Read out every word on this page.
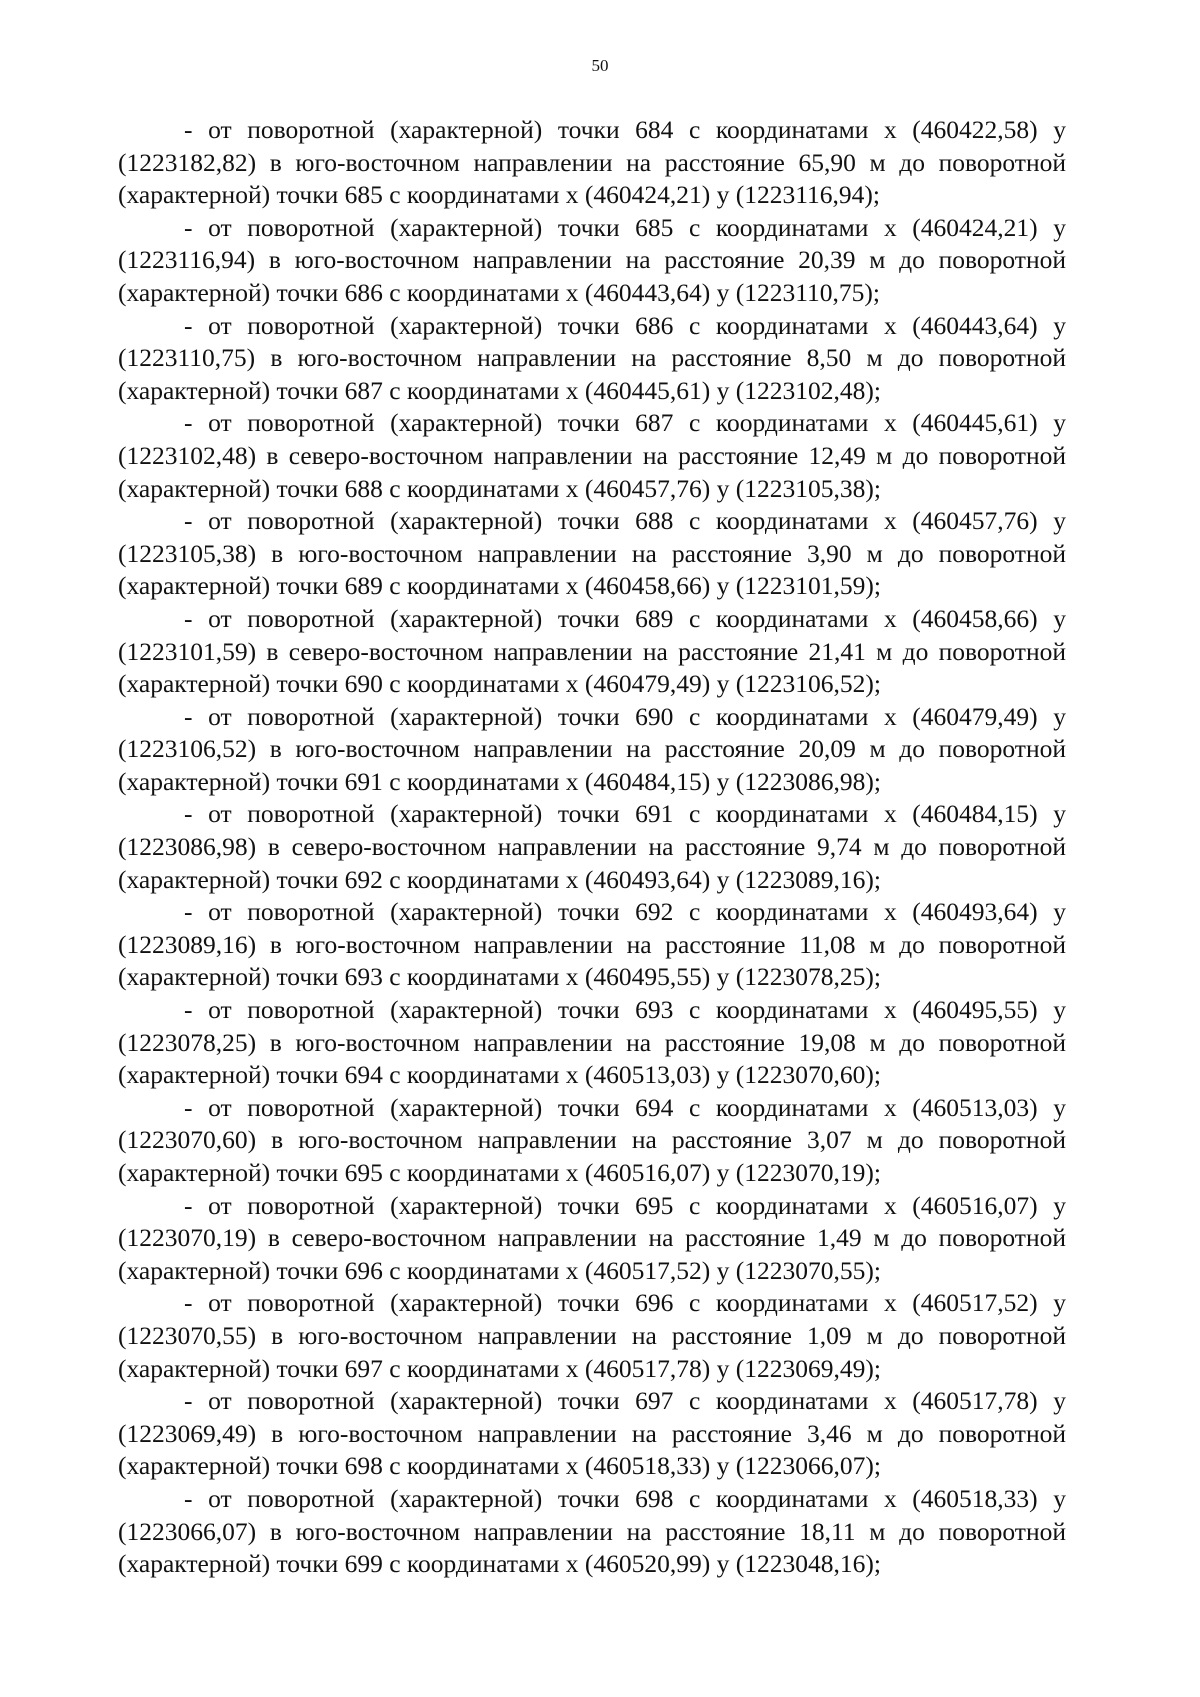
50

- от поворотной (характерной) точки 684 с координатами х (460422,58) у (1223182,82) в юго-восточном направлении на расстояние 65,90 м до поворотной (характерной) точки 685 с координатами х (460424,21) у (1223116,94);

- от поворотной (характерной) точки 685 с координатами х (460424,21) у (1223116,94) в юго-восточном направлении на расстояние 20,39 м до поворотной (характерной) точки 686 с координатами х (460443,64) у (1223110,75);

- от поворотной (характерной) точки 686 с координатами х (460443,64) у (1223110,75) в юго-восточном направлении на расстояние 8,50 м до поворотной (характерной) точки 687 с координатами х (460445,61) у (1223102,48);

- от поворотной (характерной) точки 687 с координатами х (460445,61) у (1223102,48) в северо-восточном направлении на расстояние 12,49 м до поворотной (характерной) точки 688 с координатами х (460457,76) у (1223105,38);

- от поворотной (характерной) точки 688 с координатами х (460457,76) у (1223105,38) в юго-восточном направлении на расстояние 3,90 м до поворотной (характерной) точки 689 с координатами х (460458,66) у (1223101,59);

- от поворотной (характерной) точки 689 с координатами х (460458,66) у (1223101,59) в северо-восточном направлении на расстояние 21,41 м до поворотной (характерной) точки 690 с координатами х (460479,49) у (1223106,52);

- от поворотной (характерной) точки 690 с координатами х (460479,49) у (1223106,52) в юго-восточном направлении на расстояние 20,09 м до поворотной (характерной) точки 691 с координатами х (460484,15) у (1223086,98);

- от поворотной (характерной) точки 691 с координатами х (460484,15) у (1223086,98) в северо-восточном направлении на расстояние 9,74 м до поворотной (характерной) точки 692 с координатами х (460493,64) у (1223089,16);

- от поворотной (характерной) точки 692 с координатами х (460493,64) у (1223089,16) в юго-восточном направлении на расстояние 11,08 м до поворотной (характерной) точки 693 с координатами х (460495,55) у (1223078,25);

- от поворотной (характерной) точки 693 с координатами х (460495,55) у (1223078,25) в юго-восточном направлении на расстояние 19,08 м до поворотной (характерной) точки 694 с координатами х (460513,03) у (1223070,60);

- от поворотной (характерной) точки 694 с координатами х (460513,03) у (1223070,60) в юго-восточном направлении на расстояние 3,07 м до поворотной (характерной) точки 695 с координатами х (460516,07) у (1223070,19);

- от поворотной (характерной) точки 695 с координатами х (460516,07) у (1223070,19) в северо-восточном направлении на расстояние 1,49 м до поворотной (характерной) точки 696 с координатами х (460517,52) у (1223070,55);

- от поворотной (характерной) точки 696 с координатами х (460517,52) у (1223070,55) в юго-восточном направлении на расстояние 1,09 м до поворотной (характерной) точки 697 с координатами х (460517,78) у (1223069,49);

- от поворотной (характерной) точки 697 с координатами х (460517,78) у (1223069,49) в юго-восточном направлении на расстояние 3,46 м до поворотной (характерной) точки 698 с координатами х (460518,33) у (1223066,07);

- от поворотной (характерной) точки 698 с координатами х (460518,33) у (1223066,07) в юго-восточном направлении на расстояние 18,11 м до поворотной (характерной) точки 699 с координатами х (460520,99) у (1223048,16);
